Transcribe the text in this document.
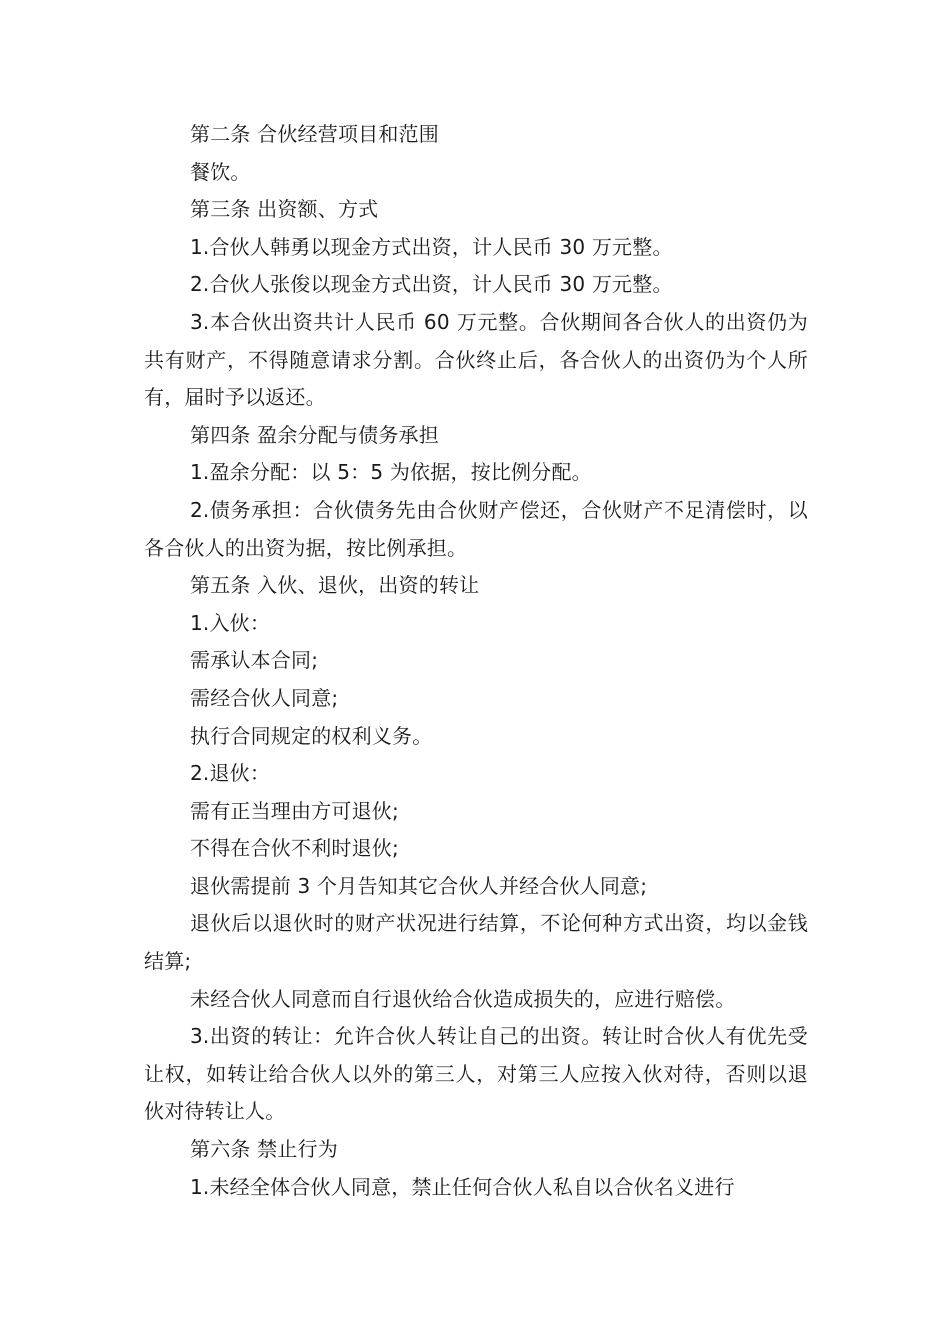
第二条 合伙经营项目和范围

餐饮。

第三条 出资额、方式

1.合伙人韩勇以现金方式出资，计人民币 30 万元整。

2.合伙人张俊以现金方式出资，计人民币 30 万元整。

3.本合伙出资共计人民币 60 万元整。合伙期间各合伙人的出资仍为共有财产，不得随意请求分割。合伙终止后，各合伙人的出资仍为个人所有，届时予以返还。

第四条 盈余分配与债务承担

1.盈余分配：以 5：5 为依据，按比例分配。

2.债务承担：合伙债务先由合伙财产偿还，合伙财产不足清偿时，以各合伙人的出资为据，按比例承担。

第五条 入伙、退伙，出资的转让

1.入伙：

需承认本合同;

需经合伙人同意;

执行合同规定的权利义务。

2.退伙：

需有正当理由方可退伙;

不得在合伙不利时退伙;

退伙需提前 3 个月告知其它合伙人并经合伙人同意;

退伙后以退伙时的财产状况进行结算，不论何种方式出资，均以金钱结算;

未经合伙人同意而自行退伙给合伙造成损失的，应进行赔偿。

3.出资的转让：允许合伙人转让自己的出资。转让时合伙人有优先受让权，如转让给合伙人以外的第三人，对第三人应按入伙对待，否则以退伙对待转让人。

第六条 禁止行为

1.未经全体合伙人同意，禁止任何合伙人私自以合伙名义进行
